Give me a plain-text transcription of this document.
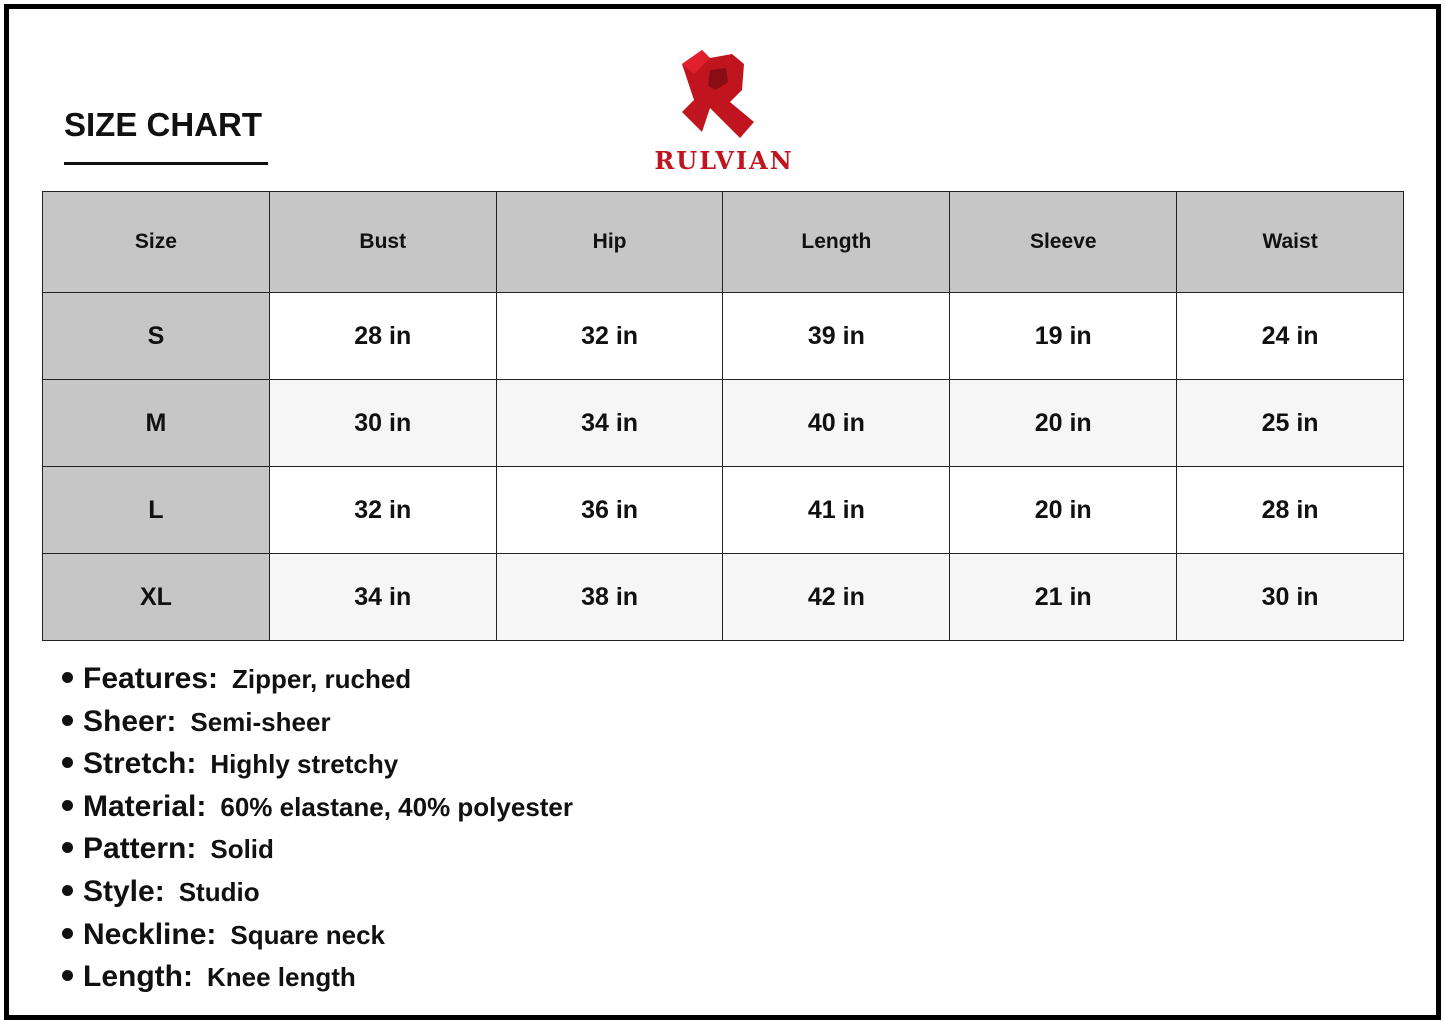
SIZE CHART
RULVIAN
Size	Bust	Hip	Length	Sleeve	Waist
S	28 in	32 in	39 in	19 in	24 in
M	30 in	34 in	40 in	20 in	25 in
L	32 in	36 in	41 in	20 in	28 in
XL	34 in	38 in	42 in	21 in	30 in
Features: Zipper, ruched
Sheer: Semi-sheer
Stretch: Highly stretchy
Material: 60% elastane, 40% polyester
Pattern: Solid
Style: Studio
Neckline: Square neck
Length: Knee length
